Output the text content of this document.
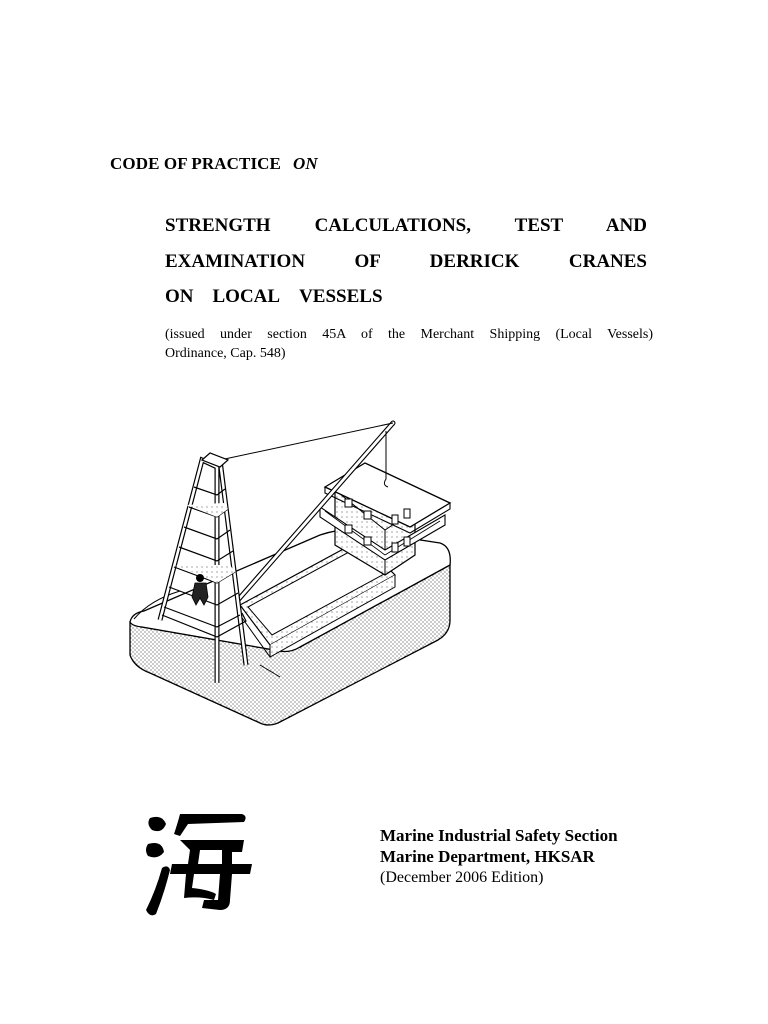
CODE OF PRACTICE ON
STRENGTH CALCULATIONS, TEST AND
EXAMINATION OF DERRICK CRANES
ON LOCAL VESSELS

(issued under section 45A of the Merchant Shipping (Local Vessels)
Ordinance, Cap. 548)

Marine Industrial Safety Section
Marine Department, HKSAR
(December 2006 Edition)
